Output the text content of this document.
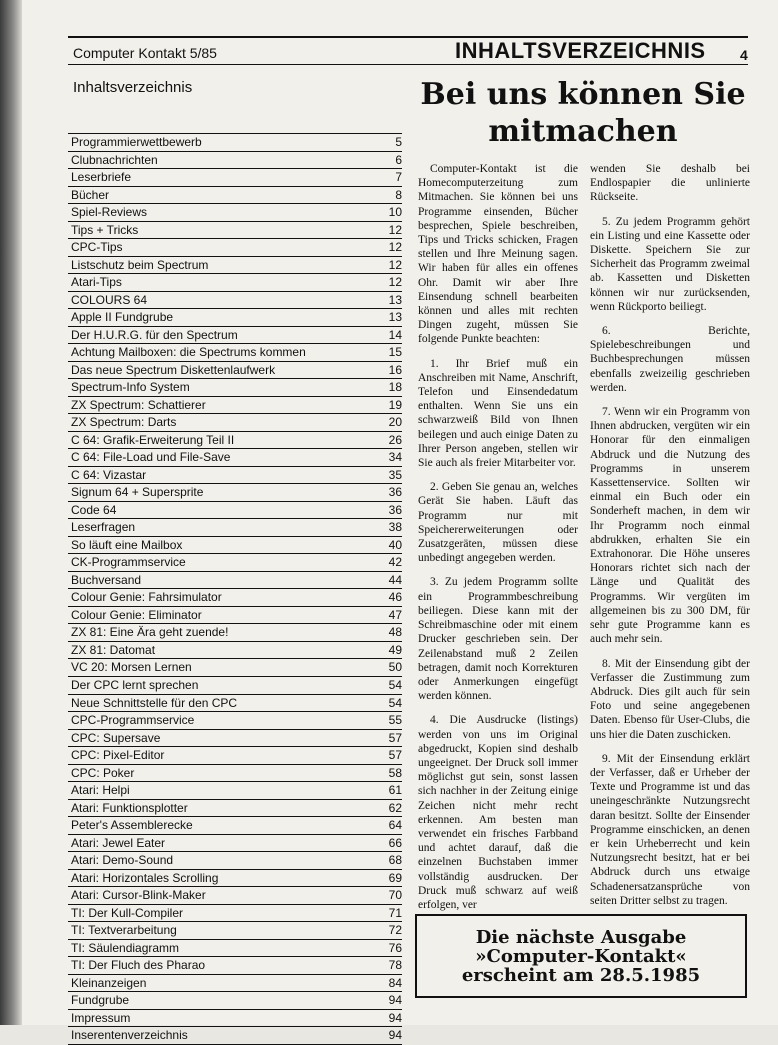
Computer Kontakt 5/85	INHALTSVERZEICHNIS 4
Inhaltsverzeichnis
Programmierwettbewerb	5
Clubnachrichten	6
Leserbriefe	7
Bücher	8
Spiel-Reviews	10
Tips + Tricks	12
CPC-Tips	12
Listschutz beim Spectrum	12
Atari-Tips	12
COLOURS 64	13
Apple II Fundgrube	13
Der H.U.R.G. für den Spectrum	14
Achtung Mailboxen: die Spectrums kommen	15
Das neue Spectrum Diskettenlaufwerk	16
Spectrum-Info System	18
ZX Spectrum: Schattierer	19
ZX Spectrum: Darts	20
C 64: Grafik-Erweiterung Teil II	26
C 64: File-Load und File-Save	34
C 64: Vizastar	35
Signum 64 + Supersprite	36
Code 64	36
Leserfragen	38
So läuft eine Mailbox	40
CK-Programmservice	42
Buchversand	44
Colour Genie: Fahrsimulator	46
Colour Genie: Eliminator	47
ZX 81: Eine Ära geht zuende!	48
ZX 81: Datomat	49
VC 20: Morsen Lernen	50
Der CPC lernt sprechen	54
Neue Schnittstelle für den CPC	54
CPC-Programmservice	55
CPC: Supersave	57
CPC: Pixel-Editor	57
CPC: Poker	58
Atari: Helpi	61
Atari: Funktionsplotter	62
Peter's Assemblerecke	64
Atari: Jewel Eater	66
Atari: Demo-Sound	68
Atari: Horizontales Scrolling	69
Atari: Cursor-Blink-Maker	70
TI: Der Kull-Compiler	71
TI: Textverarbeitung	72
TI: Säulendiagramm	76
TI: Der Fluch des Pharao	78
Kleinanzeigen	84
Fundgrube	94
Impressum	94
Inserentenverzeichnis	94
Bei uns können Sie
mitmachen

Computer-Kontakt ist die Homecomputerzeitung zum Mitmachen. Sie können bei uns Programme einsenden, Bücher besprechen, Spiele beschreiben, Tips und Tricks schicken, Fragen stellen und Ihre Meinung sagen. Wir haben für alles ein offenes Ohr. Damit wir aber Ihre Einsendung schnell bearbeiten können und alles mit rechten Dingen zugeht, müssen Sie folgende Punkte beachten:

1. Ihr Brief muß ein Anschreiben mit Name, Anschrift, Telefon und Einsendedatum enthalten. Wenn Sie uns ein schwarzweiß Bild von Ihnen beilegen und auch einige Daten zu Ihrer Person angeben, stellen wir Sie auch als freier Mitarbeiter vor.

2. Geben Sie genau an, welches Gerät Sie haben. Läuft das Programm nur mit Speichererweiterungen oder Zusatzgeräten, müssen diese unbedingt angegeben werden.

3. Zu jedem Programm sollte ein Programmbeschreibung beiliegen. Diese kann mit der Schreibmaschine oder mit einem Drucker geschrieben sein. Der Zeilenabstand muß 2 Zeilen betragen, damit noch Korrekturen oder Anmerkungen eingefügt werden können.

4. Die Ausdrucke (listings) werden von uns im Original abgedruckt, Kopien sind deshalb ungeeignet. Der Druck soll immer möglichst gut sein, sonst lassen sich nachher in der Zeitung einige Zeichen nicht mehr recht erkennen. Am besten man verwendet ein frisches Farbband und achtet darauf, daß die einzelnen Buchstaben immer vollständig ausdrucken. Der Druck muß schwarz auf weiß erfolgen, ver

wenden Sie deshalb bei Endlospapier die unlinierte Rückseite.

5. Zu jedem Programm gehört ein Listing und eine Kassette oder Diskette. Speichern Sie zur Sicherheit das Programm zweimal ab. Kassetten und Disketten können wir nur zurücksenden, wenn Rückporto beiliegt.

6. Berichte, Spielebeschreibungen und Buchbesprechungen müssen ebenfalls zweizeilig geschrieben werden.

7. Wenn wir ein Programm von Ihnen abdrucken, vergüten wir ein Honorar für den einmaligen Abdruck und die Nutzung des Programms in unserem Kassettenservice. Sollten wir einmal ein Buch oder ein Sonderheft machen, in dem wir Ihr Programm noch einmal abdrukken, erhalten Sie ein Extrahonorar. Die Höhe unseres Honorars richtet sich nach der Länge und Qualität des Programms. Wir vergüten im allgemeinen bis zu 300 DM, für sehr gute Programme kann es auch mehr sein.

8. Mit der Einsendung gibt der Verfasser die Zustimmung zum Abdruck. Dies gilt auch für sein Foto und seine angegebenen Daten. Ebenso für User-Clubs, die uns hier die Daten zuschicken.

9. Mit der Einsendung erklärt der Verfasser, daß er Urheber der Texte und Programme ist und das uneingeschränkte Nutzungsrecht daran besitzt. Sollte der Einsender Programme einschicken, an denen er kein Urheberrecht und kein Nutzungsrecht besitzt, hat er bei Abdruck durch uns etwaige Schadenersatzansprüche von seiten Dritter selbst zu tragen.

Die nächste Ausgabe
»Computer-Kontakt«
erscheint am 28.5.1985
